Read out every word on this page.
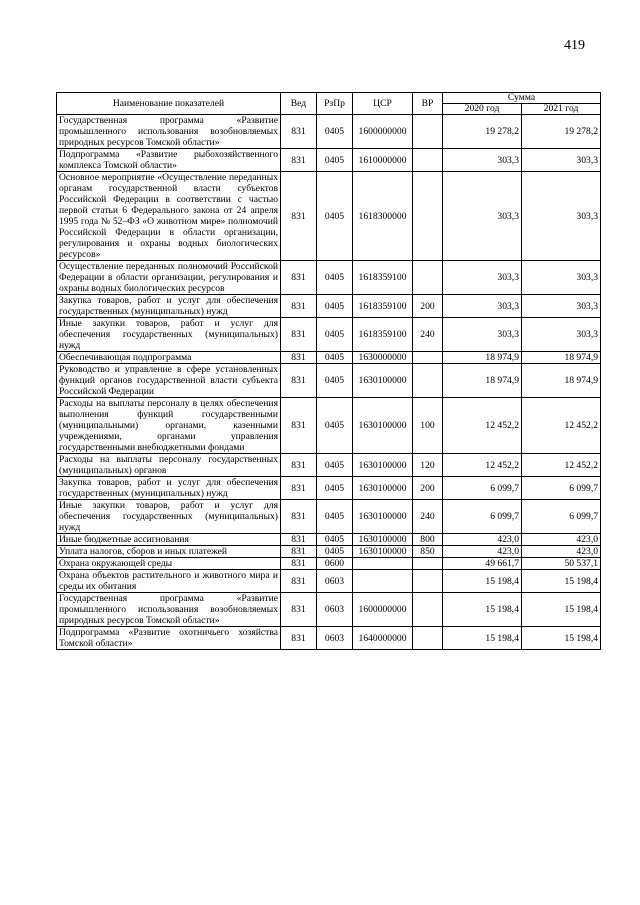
419
Наименование показателей	Вед	РзПр	ЦСР	ВР	Сумма	
					2020 год	2021 год
Государственная программа «Развитие промышленного использования возобновляемых природных ресурсов Томской области»	831	0405	1600000000		19 278,2	19 278,2
Подпрограмма «Развитие рыбохозяйственного комплекса Томской области»	831	0405	1610000000		303,3	303,3
Основное мероприятие «Осуществление переданных органам государственной власти субъектов Российской Федерации в соответствии с частью первой статьи 6 Федерального закона от 24 апреля 1995 года № 52–ФЗ «О животном мире» полномочий Российской Федерации в области организации, регулирования и охраны водных биологических ресурсов»	831	0405	1618300000		303,3	303,3
Осуществление переданных полномочий Российской Федерации в области организации, регулирования и охраны водных биологических ресурсов	831	0405	1618359100		303,3	303,3
Закупка товаров, работ и услуг для обеспечения государственных (муниципальных) нужд	831	0405	1618359100	200	303,3	303,3
Иные закупки товаров, работ и услуг для обеспечения государственных (муниципальных) нужд	831	0405	1618359100	240	303,3	303,3
Обеспечивающая подпрограмма	831	0405	1630000000		18 974,9	18 974,9
Руководство и управление в сфере установленных функций органов государственной власти субъекта Российской Федерации	831	0405	1630100000		18 974,9	18 974,9
Расходы на выплаты персоналу в целях обеспечения выполнения функций государственными (муниципальными) органами, казенными учреждениями, органами управления государственными внебюджетными фондами	831	0405	1630100000	100	12 452,2	12 452,2
Расходы на выплаты персоналу государственных (муниципальных) органов	831	0405	1630100000	120	12 452,2	12 452,2
Закупка товаров, работ и услуг для обеспечения государственных (муниципальных) нужд	831	0405	1630100000	200	6 099,7	6 099,7
Иные закупки товаров, работ и услуг для обеспечения государственных (муниципальных) нужд	831	0405	1630100000	240	6 099,7	6 099,7
Иные бюджетные ассигнования	831	0405	1630100000	800	423,0	423,0
Уплата налогов, сборов и иных платежей	831	0405	1630100000	850	423,0	423,0
Охрана окружающей среды	831	0600			49 661,7	50 537,1
Охрана объектов растительного и животного мира и среды их обитания	831	0603			15 198,4	15 198,4
Государственная программа «Развитие промышленного использования возобновляемых природных ресурсов Томской области»	831	0603	1600000000		15 198,4	15 198,4
Подпрограмма «Развитие охотничьего хозяйства Томской области»	831	0603	1640000000		15 198,4	15 198,4
